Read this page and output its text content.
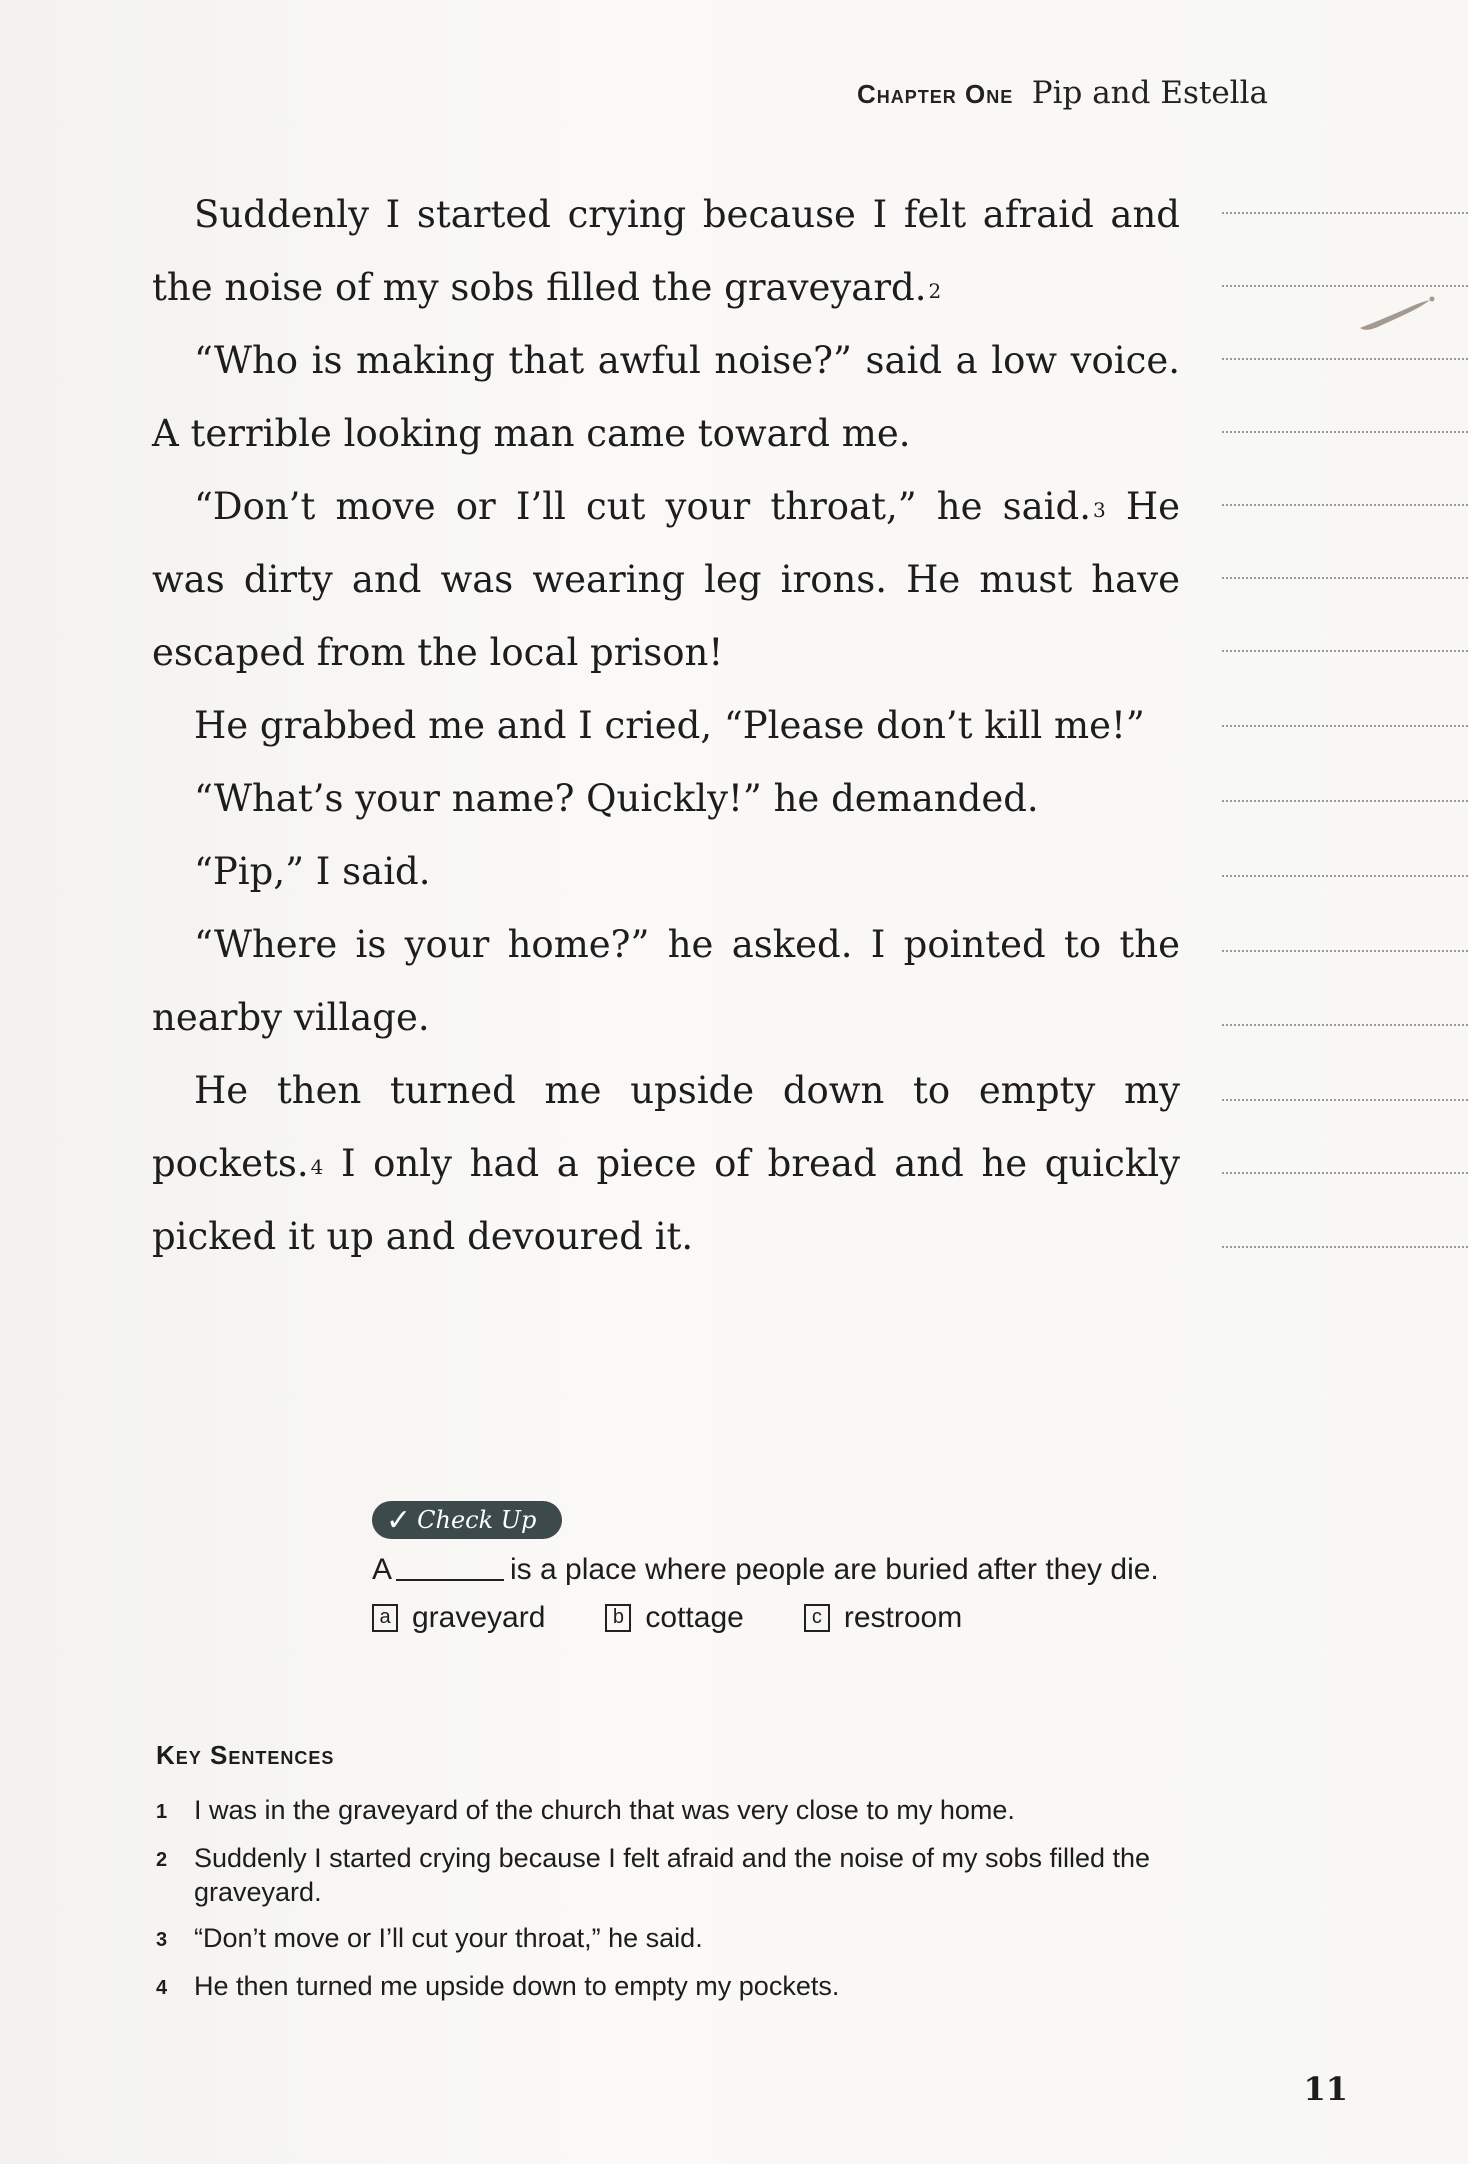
Chapter One Pip and Estella

Suddenly I started crying because I felt afraid and the noise of my sobs filled the graveyard. $^2$

“Who is making that awful noise?” said a low voice. A terrible looking man came toward me.

“Don’t move or I’ll cut your throat,” he said. $^3$ He was dirty and was wearing leg irons. He must have escaped from the local prison!

He grabbed me and I cried, “Please don’t kill me!”

“What’s your name? Quickly!” he demanded.

“Pip,” I said.

“Where is your home?” he asked. I pointed to the nearby village.

He then turned me upside down to empty my pockets. $^4$ I only had a piece of bread and he quickly picked it up and devoured it.

✓ Check Up
A	is a place where people are buried after they die.
a graveyard	b cottage	c restroom
Key Sentences
1 I was in the graveyard of the church that was very close to my home.
2 Suddenly I started crying because I felt afraid and the noise of my sobs filled the graveyard.
3 “Don’t move or I’ll cut your throat,” he said.
4 He then turned me upside down to empty my pockets.
11
